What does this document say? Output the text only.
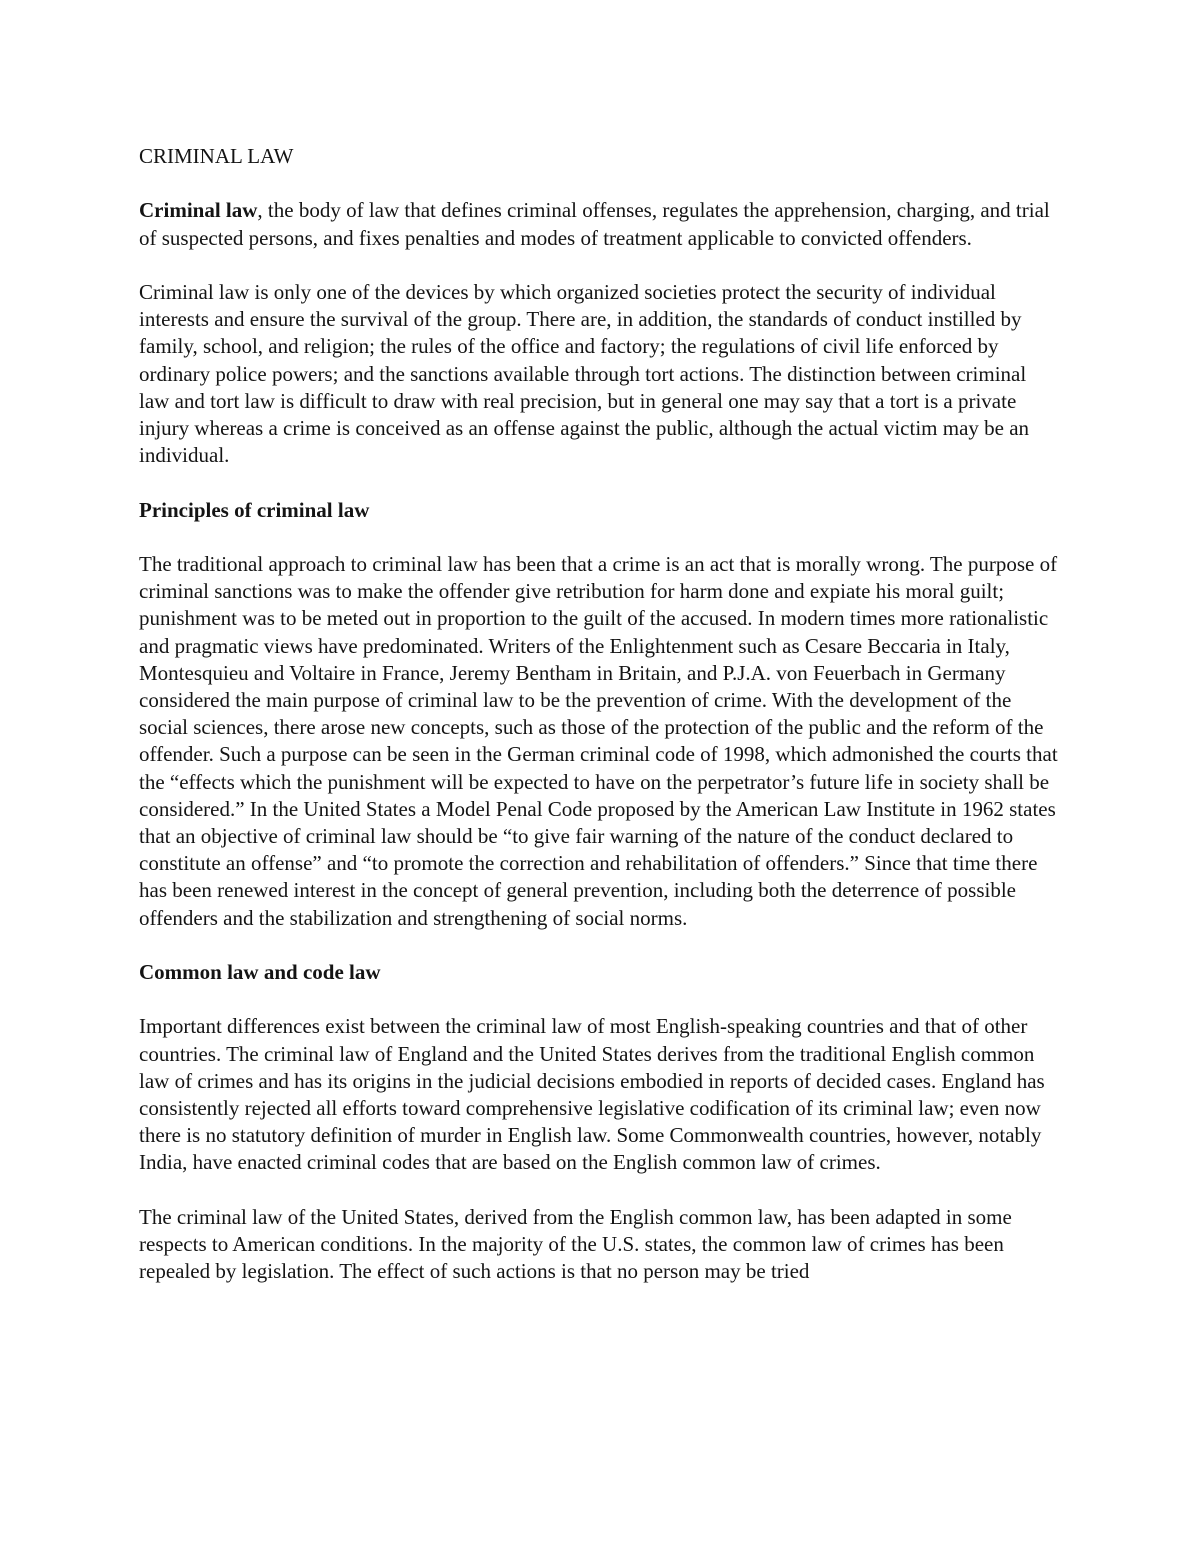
CRIMINAL LAW

Criminal law, the body of law that defines criminal offenses, regulates the apprehension, charging, and trial of suspected persons, and fixes penalties and modes of treatment applicable to convicted offenders.

Criminal law is only one of the devices by which organized societies protect the security of individual interests and ensure the survival of the group. There are, in addition, the standards of conduct instilled by family, school, and religion; the rules of the office and factory; the regulations of civil life enforced by ordinary police powers; and the sanctions available through tort actions. The distinction between criminal law and tort law is difficult to draw with real precision, but in general one may say that a tort is a private injury whereas a crime is conceived as an offense against the public, although the actual victim may be an individual.

Principles of criminal law

The traditional approach to criminal law has been that a crime is an act that is morally wrong. The purpose of criminal sanctions was to make the offender give retribution for harm done and expiate his moral guilt; punishment was to be meted out in proportion to the guilt of the accused. In modern times more rationalistic and pragmatic views have predominated. Writers of the Enlightenment such as Cesare Beccaria in Italy, Montesquieu and Voltaire in France, Jeremy Bentham in Britain, and P.J.A. von Feuerbach in Germany considered the main purpose of criminal law to be the prevention of crime. With the development of the social sciences, there arose new concepts, such as those of the protection of the public and the reform of the offender. Such a purpose can be seen in the German criminal code of 1998, which admonished the courts that the “effects which the punishment will be expected to have on the perpetrator’s future life in society shall be considered.” In the United States a Model Penal Code proposed by the American Law Institute in 1962 states that an objective of criminal law should be “to give fair warning of the nature of the conduct declared to constitute an offense” and “to promote the correction and rehabilitation of offenders.” Since that time there has been renewed interest in the concept of general prevention, including both the deterrence of possible offenders and the stabilization and strengthening of social norms.

Common law and code law

Important differences exist between the criminal law of most English-speaking countries and that of other countries. The criminal law of England and the United States derives from the traditional English common law of crimes and has its origins in the judicial decisions embodied in reports of decided cases. England has consistently rejected all efforts toward comprehensive legislative codification of its criminal law; even now there is no statutory definition of murder in English law. Some Commonwealth countries, however, notably India, have enacted criminal codes that are based on the English common law of crimes.

The criminal law of the United States, derived from the English common law, has been adapted in some respects to American conditions. In the majority of the U.S. states, the common law of crimes has been repealed by legislation. The effect of such actions is that no person may be tried
